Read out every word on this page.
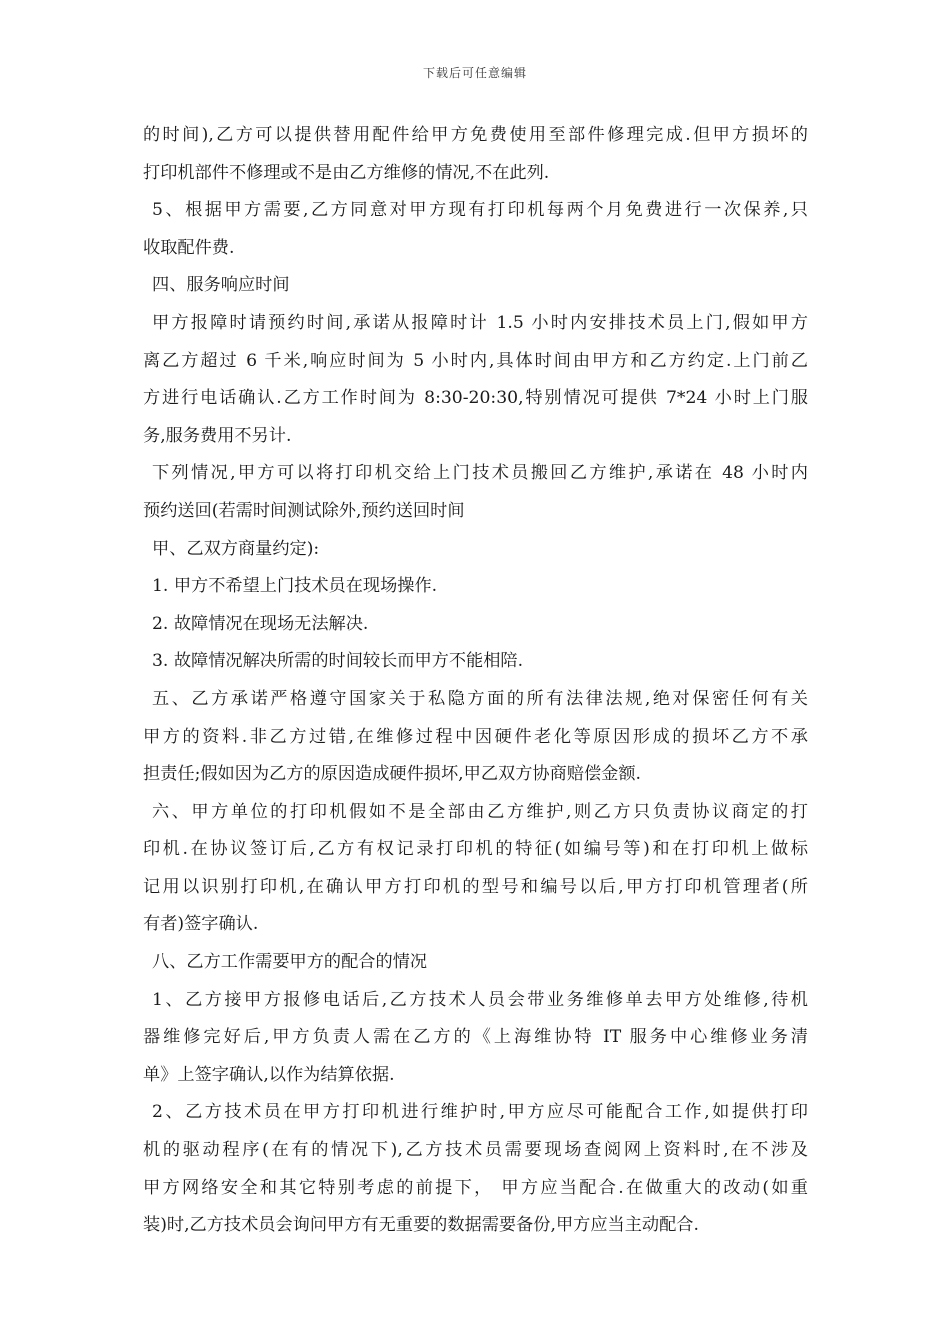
下载后可任意编辑
的时间),乙方可以提供替用配件给甲方免费使用至部件修理完成.但甲方损坏的
打印机部件不修理或不是由乙方维修的情况,不在此列.
5、根据甲方需要,乙方同意对甲方现有打印机每两个月免费进行一次保养,只
收取配件费.
四、服务响应时间
甲方报障时请预约时间,承诺从报障时计 1.5 小时内安排技术员上门,假如甲方
离乙方超过 6 千米,响应时间为 5 小时内,具体时间由甲方和乙方约定.上门前乙
方进行电话确认.乙方工作时间为 8:30-20:30,特别情况可提供 7*24 小时上门服
务,服务费用不另计.
下列情况,甲方可以将打印机交给上门技术员搬回乙方维护,承诺在 48 小时内
预约送回(若需时间测试除外,预约送回时间
甲、乙双方商量约定):
1. 甲方不希望上门技术员在现场操作.
2. 故障情况在现场无法解决.
3. 故障情况解决所需的时间较长而甲方不能相陪.
五、乙方承诺严格遵守国家关于私隐方面的所有法律法规,绝对保密任何有关
甲方的资料.非乙方过错,在维修过程中因硬件老化等原因形成的损坏乙方不承
担责任;假如因为乙方的原因造成硬件损坏,甲乙双方协商赔偿金额.
六、甲方单位的打印机假如不是全部由乙方维护,则乙方只负责协议商定的打
印机.在协议签订后,乙方有权记录打印机的特征(如编号等)和在打印机上做标
记用以识别打印机,在确认甲方打印机的型号和编号以后,甲方打印机管理者(所
有者)签字确认.
八、乙方工作需要甲方的配合的情况
1、乙方接甲方报修电话后,乙方技术人员会带业务维修单去甲方处维修,待机
器维修完好后,甲方负责人需在乙方的《上海维协特 IT 服务中心维修业务清
单》上签字确认,以作为结算依据.
2、乙方技术员在甲方打印机进行维护时,甲方应尽可能配合工作,如提供打印
机的驱动程序(在有的情况下),乙方技术员需要现场查阅网上资料时,在不涉及
甲方网络安全和其它特别考虑的前提下， 甲方应当配合.在做重大的改动(如重
装)时,乙方技术员会询问甲方有无重要的数据需要备份,甲方应当主动配合.
